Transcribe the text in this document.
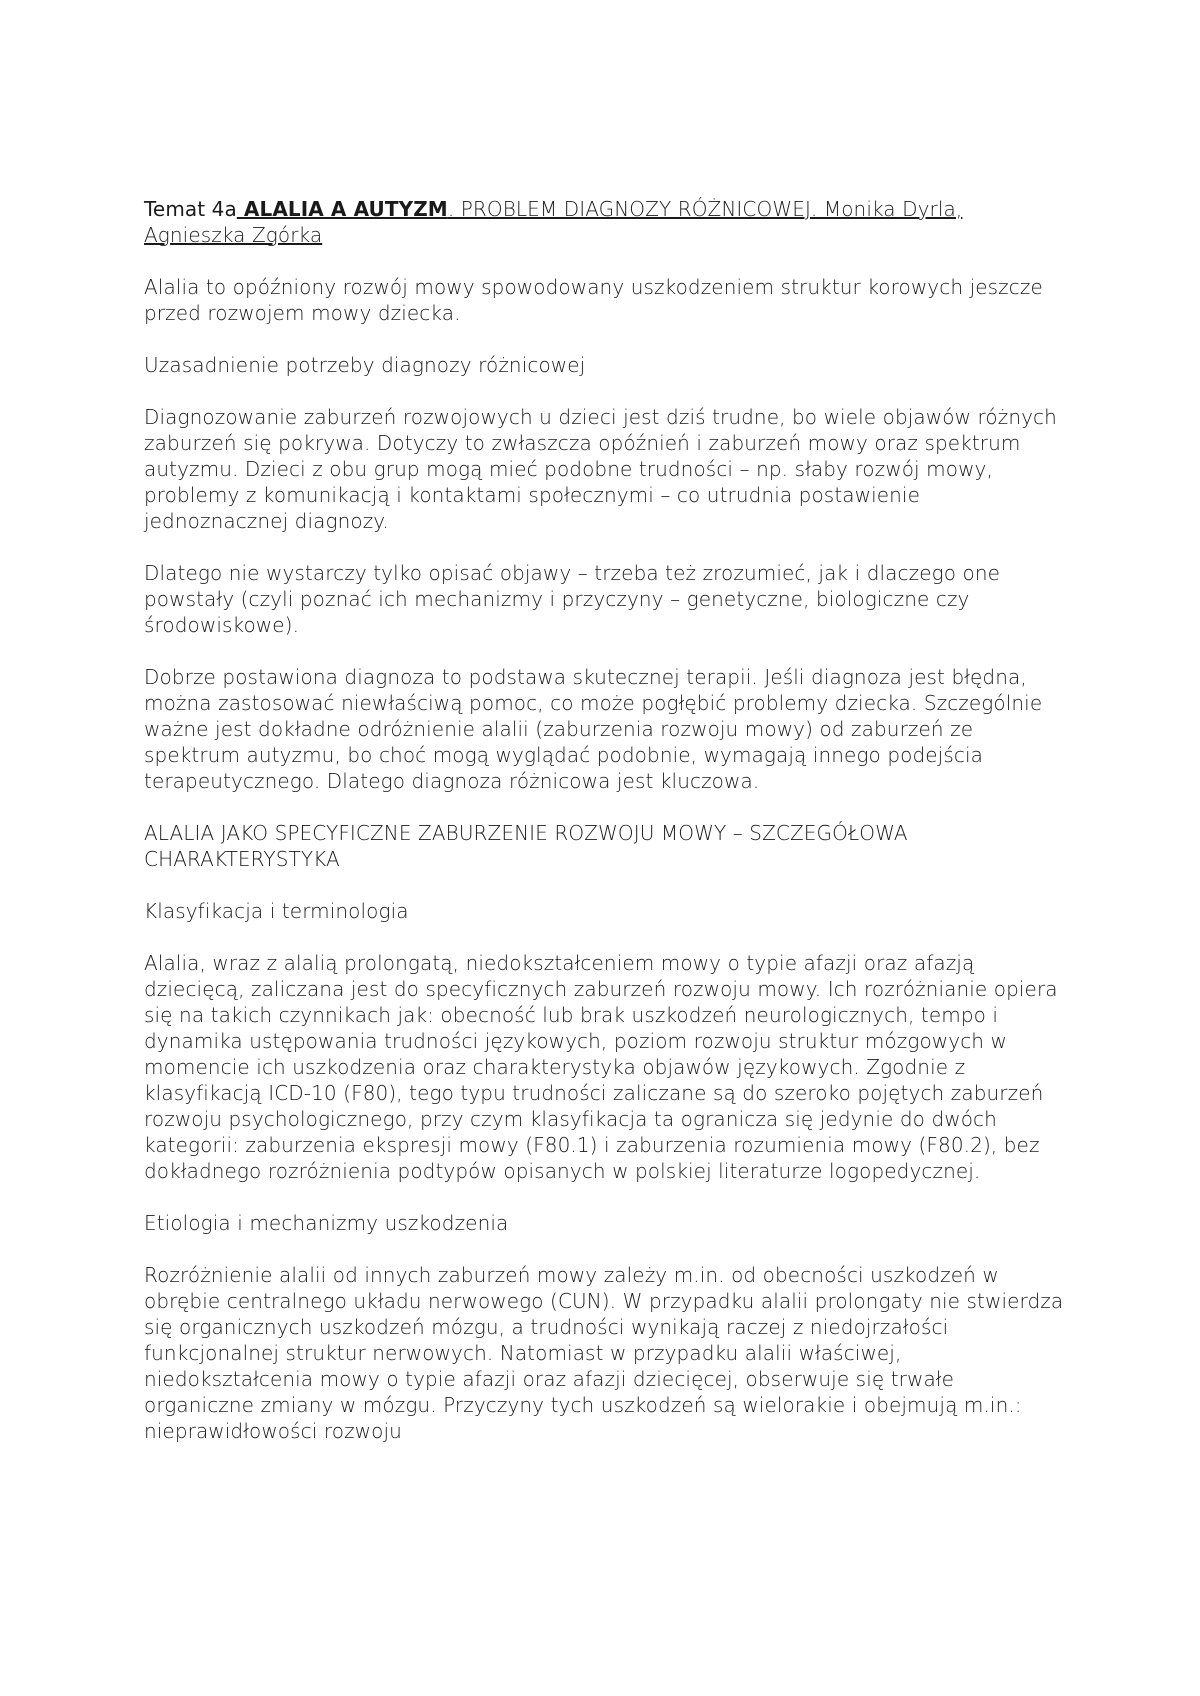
Temat 4a ALALIA A AUTYZM. PROBLEM DIAGNOZY RÓŻNICOWEJ. Monika Dyrla, Agnieszka Zgórka

Alalia to opóźniony rozwój mowy spowodowany uszkodzeniem struktur korowych jeszcze przed rozwojem mowy dziecka.

Uzasadnienie potrzeby diagnozy różnicowej

Diagnozowanie zaburzeń rozwojowych u dzieci jest dziś trudne, bo wiele objawów różnych zaburzeń się pokrywa. Dotyczy to zwłaszcza opóźnień i zaburzeń mowy oraz spektrum autyzmu. Dzieci z obu grup mogą mieć podobne trudności – np. słaby rozwój mowy, problemy z komunikacją i kontaktami społecznymi – co utrudnia postawienie jednoznacznej diagnozy.

Dlatego nie wystarczy tylko opisać objawy – trzeba też zrozumieć, jak i dlaczego one powstały (czyli poznać ich mechanizmy i przyczyny – genetyczne, biologiczne czy środowiskowe).

Dobrze postawiona diagnoza to podstawa skutecznej terapii. Jeśli diagnoza jest błędna, można zastosować niewłaściwą pomoc, co może pogłębić problemy dziecka. Szczególnie ważne jest dokładne odróżnienie alalii (zaburzenia rozwoju mowy) od zaburzeń ze spektrum autyzmu, bo choć mogą wyglądać podobnie, wymagają innego podejścia terapeutycznego. Dlatego diagnoza różnicowa jest kluczowa.

ALALIA JAKO SPECYFICZNE ZABURZENIE ROZWOJU MOWY – SZCZEGÓŁOWA CHARAKTERYSTYKA

Klasyfikacja i terminologia

Alalia, wraz z alalią prolongatą, niedokształceniem mowy o typie afazji oraz afazją dziecięcą, zaliczana jest do specyficznych zaburzeń rozwoju mowy. Ich rozróżnianie opiera się na takich czynnikach jak: obecność lub brak uszkodzeń neurologicznych, tempo i dynamika ustępowania trudności językowych, poziom rozwoju struktur mózgowych w momencie ich uszkodzenia oraz charakterystyka objawów językowych. Zgodnie z klasyfikacją ICD-10 (F80), tego typu trudności zaliczane są do szeroko pojętych zaburzeń rozwoju psychologicznego, przy czym klasyfikacja ta ogranicza się jedynie do dwóch kategorii: zaburzenia ekspresji mowy (F80.1) i zaburzenia rozumienia mowy (F80.2), bez dokładnego rozróżnienia podtypów opisanych w polskiej literaturze logopedycznej.

Etiologia i mechanizmy uszkodzenia

Rozróżnienie alalii od innych zaburzeń mowy zależy m.in. od obecności uszkodzeń w obrębie centralnego układu nerwowego (CUN). W przypadku alalii prolongaty nie stwierdza się organicznych uszkodzeń mózgu, a trudności wynikają raczej z niedojrzałości funkcjonalnej struktur nerwowych. Natomiast w przypadku alalii właściwej, niedokształcenia mowy o typie afazji oraz afazji dziecięcej, obserwuje się trwałe organiczne zmiany w mózgu. Przyczyny tych uszkodzeń są wielorakie i obejmują m.in.: nieprawidłowości rozwoju
